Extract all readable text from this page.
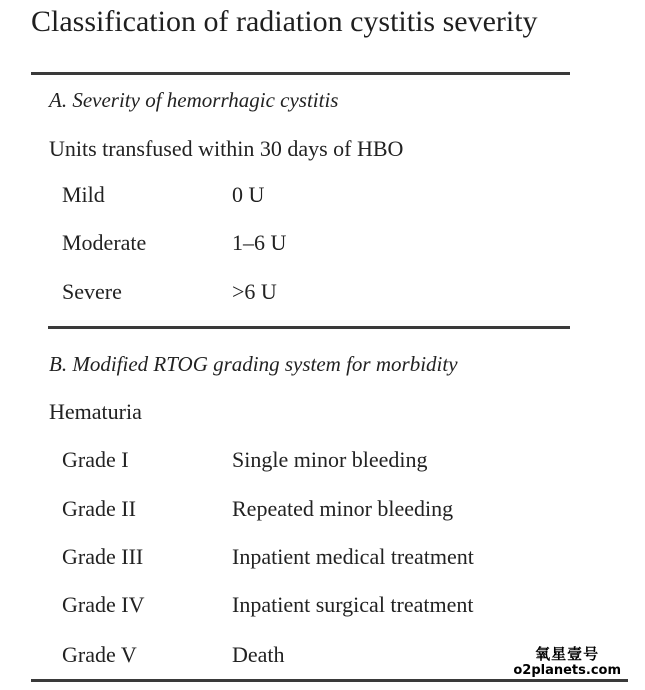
Classification of radiation cystitis severity
A. Severity of hemorrhagic cystitis
Units transfused within 30 days of HBO
Mild	0 U
Moderate	1–6 U
Severe	>6 U
B. Modified RTOG grading system for morbidity
Hematuria
Grade I	Single minor bleeding
Grade II	Repeated minor bleeding
Grade III	Inpatient medical treatment
Grade IV	Inpatient surgical treatment
Grade V	Death	氧星壹号
o2planets.com
